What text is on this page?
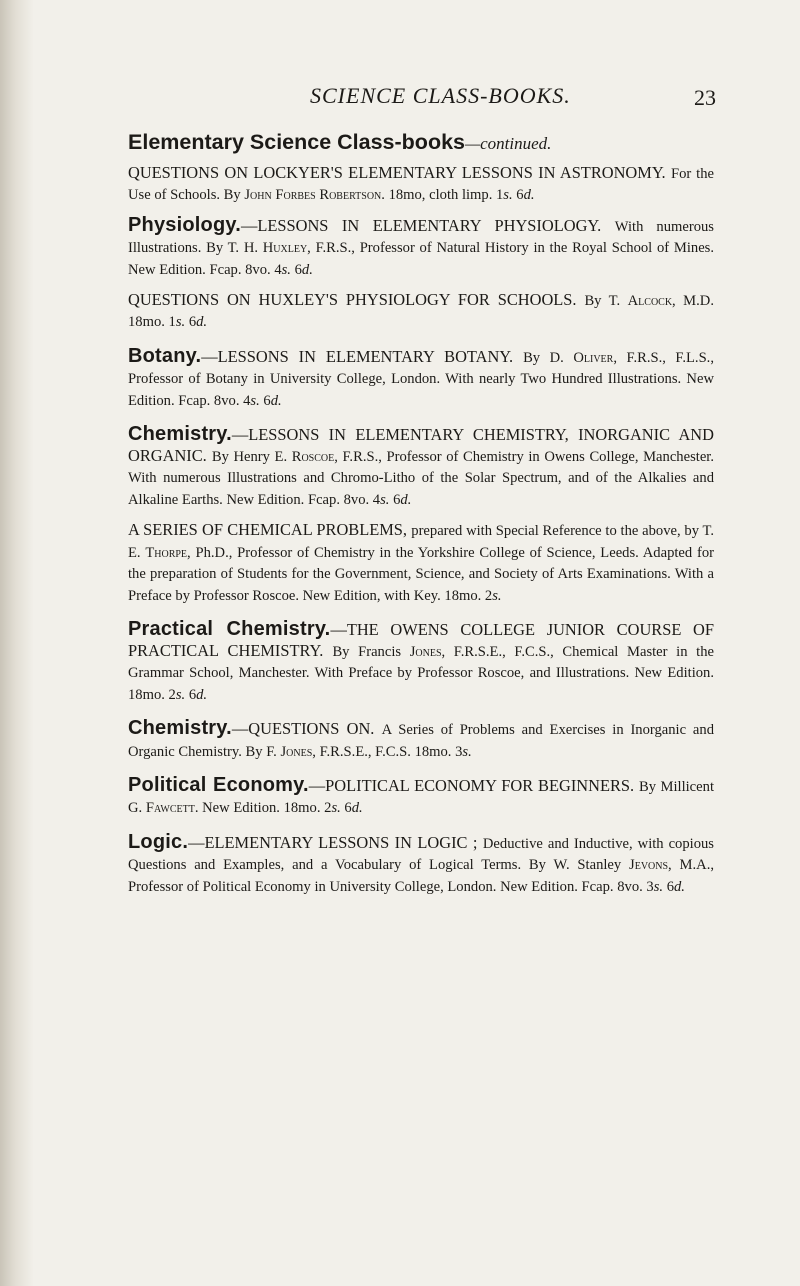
SCIENCE CLASS-BOOKS.	23
Elementary Science Class-books—continued.
QUESTIONS ON LOCKYER'S ELEMENTARY LESSONS IN ASTRONOMY. For the Use of Schools. By John Forbes Robertson. 18mo, cloth limp. 1s. 6d.
Physiology.—LESSONS IN ELEMENTARY PHYSIOLOGY. With numerous Illustrations. By T. H. Huxley, F.R.S., Professor of Natural History in the Royal School of Mines. New Edition. Fcap. 8vo. 4s. 6d.
QUESTIONS ON HUXLEY'S PHYSIOLOGY FOR SCHOOLS. By T. Alcock, M.D. 18mo. 1s. 6d.
Botany.—LESSONS IN ELEMENTARY BOTANY. By D. Oliver, F.R.S., F.L.S., Professor of Botany in University College, London. With nearly Two Hundred Illustrations. New Edition. Fcap. 8vo. 4s. 6d.
Chemistry.—LESSONS IN ELEMENTARY CHEMISTRY, INORGANIC AND ORGANIC. By Henry E. Roscoe, F.R.S., Professor of Chemistry in Owens College, Manchester. With numerous Illustrations and Chromo-Litho of the Solar Spectrum, and of the Alkalies and Alkaline Earths. New Edition. Fcap. 8vo. 4s. 6d.
A SERIES OF CHEMICAL PROBLEMS, prepared with Special Reference to the above, by T. E. Thorpe, Ph.D., Professor of Chemistry in the Yorkshire College of Science, Leeds. Adapted for the preparation of Students for the Government, Science, and Society of Arts Examinations. With a Preface by Professor Roscoe. New Edition, with Key. 18mo. 2s.
Practical Chemistry.—THE OWENS COLLEGE JUNIOR COURSE OF PRACTICAL CHEMISTRY. By Francis Jones, F.R.S.E., F.C.S., Chemical Master in the Grammar School, Manchester. With Preface by Professor Roscoe, and Illustrations. New Edition. 18mo. 2s. 6d.
Chemistry.—QUESTIONS ON. A Series of Problems and Exercises in Inorganic and Organic Chemistry. By F. Jones, F.R.S.E., F.C.S. 18mo. 3s.
Political Economy.—POLITICAL ECONOMY FOR BEGINNERS. By Millicent G. Fawcett. New Edition. 18mo. 2s. 6d.
Logic.—ELEMENTARY LESSONS IN LOGIC ; Deductive and Inductive, with copious Questions and Examples, and a Vocabulary of Logical Terms. By W. Stanley Jevons, M.A., Professor of Political Economy in University College, London. New Edition. Fcap. 8vo. 3s. 6d.
